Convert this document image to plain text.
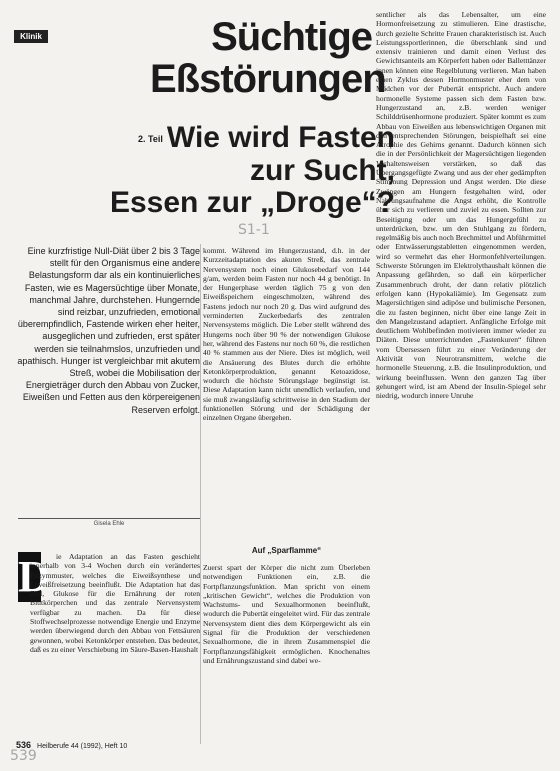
Klinik	Süchtige
Eßstörungen
2. Teil Wie wird Fasten
zur Sucht,
Essen zur „Droge“?
S1-1

Eine kurzfristige Null-Diät über 2 bis 3 Tage stellt für den Organismus eine andere Belastungsform dar als ein kontinuierliches Fasten, wie es Magersüchtige über Monate, manchmal Jahre, durchstehen. Hungernde sind reizbar, unzufrieden, emotional überempfindlich, Fastende wirken eher heiter, ausgeglichen und zufrieden, erst später werden sie teilnahmslos, unzufrieden und apathisch. Hunger ist vergleichbar mit akutem Streß, wobei die Mobilisation der Energieträger durch den Abbau von Zucker, Eiweißen und Fetten aus den körpereigenen Reserven erfolgt.

Gisela Ehle
D ie Adaptation an das Fasten geschieht innerhalb von 3-4 Wochen durch ein verändertes Enzymmuster, welches die Eiweißsynthese und Eiweißfreisetzung beeinflußt. Die Adaptation hat das Ziel, Glukose für die Ernährung der roten Blutkörperchen und das zentrale Nervensystem verfügbar zu machen. Da für diese Stoffwechselprozesse notwendige Energie und Enzyme werden überwiegend durch den Abbau von Fettsäuren gewonnen, wobei Ketonkörper entstehen. Das bedeutet, daß es zu einer Verschiebung im Säure-Basen-Haushalt

kommt. Während im Hungerzustand, d.h. in der Kurzzeitadaptation des akuten Streß, das zentrale Nervensystem noch einen Glukosebedarf von 144 g/am, werden beim Fasten nur noch 44 g benötigt. In der Hungerphase werden täglich 75 g von den Eiweißspeichern eingeschmolzen, während des Fastens jedoch nur noch 20 g. Das wird aufgrund des verminderten Zuckerbedarfs des zentralen Nervensystems möglich. Die Leber stellt während des Hungerns noch über 90 % der notwendigen Glukose her, während des Fastens nur noch 60 %, die restlichen 40 % stammen aus der Niere. Dies ist möglich, weil die Ansäuerung des Blutes durch die erhöhte Ketonkörperproduktion, genannt Ketoazidose, wodurch die höchste Störungslage begünstigt ist. Diese Adaptation kann nicht unendlich verlaufen, und sie muß zwangsläufig schrittweise in den Stadium der funktionellen Störung und der Schädigung der einzelnen Organe übergehen.

Auf „Sparflamme“

Zuerst spart der Körper die nicht zum Überleben notwendigen Funktionen ein, z.B. die Fortpflanzungsfunktion. Man spricht von einem „kritischen Gewicht“, welches die Produktion von Wachstums- und Sexualhormonen beeinflußt, wodurch die Pubertät eingeleitet wird. Für das zentrale Nervensystem dient dies dem Körpergewicht als ein Signal für die Produktion der verschiedenen Sexualhormone, die in ihrem Zusammenspiel die Fortpflanzungsfähigkeit ermöglichen. Knochenaltes und Ernährungszustand sind dabei we-

sentlicher als das Lebensalter, um eine Hormonfreisetzung zu stimulieren. Eine drastische, durch gezielte Schritte Frauen charakteristisch ist. Auch Leistungssportlerinnen, die überschlank sind und extensiv trainieren und damit einen Verlust des Gewichtsanteils am Körperfett haben oder Balletttänzer innen können eine Regelblutung verlieren. Man haben einen Zyklus dessen Hormonmuster eher dem von Mädchen vor der Pubertät entspricht. Auch andere hormonelle Systeme passen sich dem Fasten bzw. Hungerzustand an, z.B. werden weniger Schilddrüsenhormone produziert. Später kommt es zum Abbau von Eiweißen aus lebenswichtigen Organen mit den entsprechenden Störungen, beispielhaft sei eine Atrophie des Gehirns genannt. Dadurch können sich die in der Persönlichkeit der Magersüchtigen liegenden Verhaltensweisen verstärken, so daß das Übergangsgefügte Zwang und aus der eher gedämpften Stimmung Depression und Angst werden. Die diese Zwängen am Hungern festgehalten wird, oder Nahrungsaufnahme die Angst erhöht, die Kontrolle über sich zu verlieren und zuviel zu essen. Sollten zur Beseitigung oder um das Hungergefühl zu unterdrücken, bzw. um den Stuhlgang zu fördern, regelmäßig bis auch noch Brechmittel und Abführmittel oder Entwässerungstabletten eingenommen werden, wird so vermehrt das eher Hormonfehlverteilungen. Schwerste Störungen im Elektrolythaushalt können die Anpassung gefährden, so daß ein körperlicher Zusammenbruch droht, der dann relativ plötzlich erfolgen kann (Hypokaliämie). Im Gegensatz zum Magersüchtigen sind adipöse und bulimische Personen, die zu fasten beginnen, nicht über eine lange Zeit in den Mangelzustand adaptiert. Anfängliche Erfolge mit deutlichem Wohlbefinden motivieren immer wieder zu Diäten. Diese unterrichtenden „Fastenkuren“ führen vom Übersessen führt zu einer Veränderung der Aktivität von Neurotransmittern, welche die hormonelle Steuerung, z.B. die Insulinproduktion, und wirkung beeinflussen. Wenn den ganzen Tag über gehungert wird, ist am Abend der Insulin-Spiegel sehr niedrig, wodurch innere Unruhe

536 Heilberufe 44 (1992), Heft 10
539
